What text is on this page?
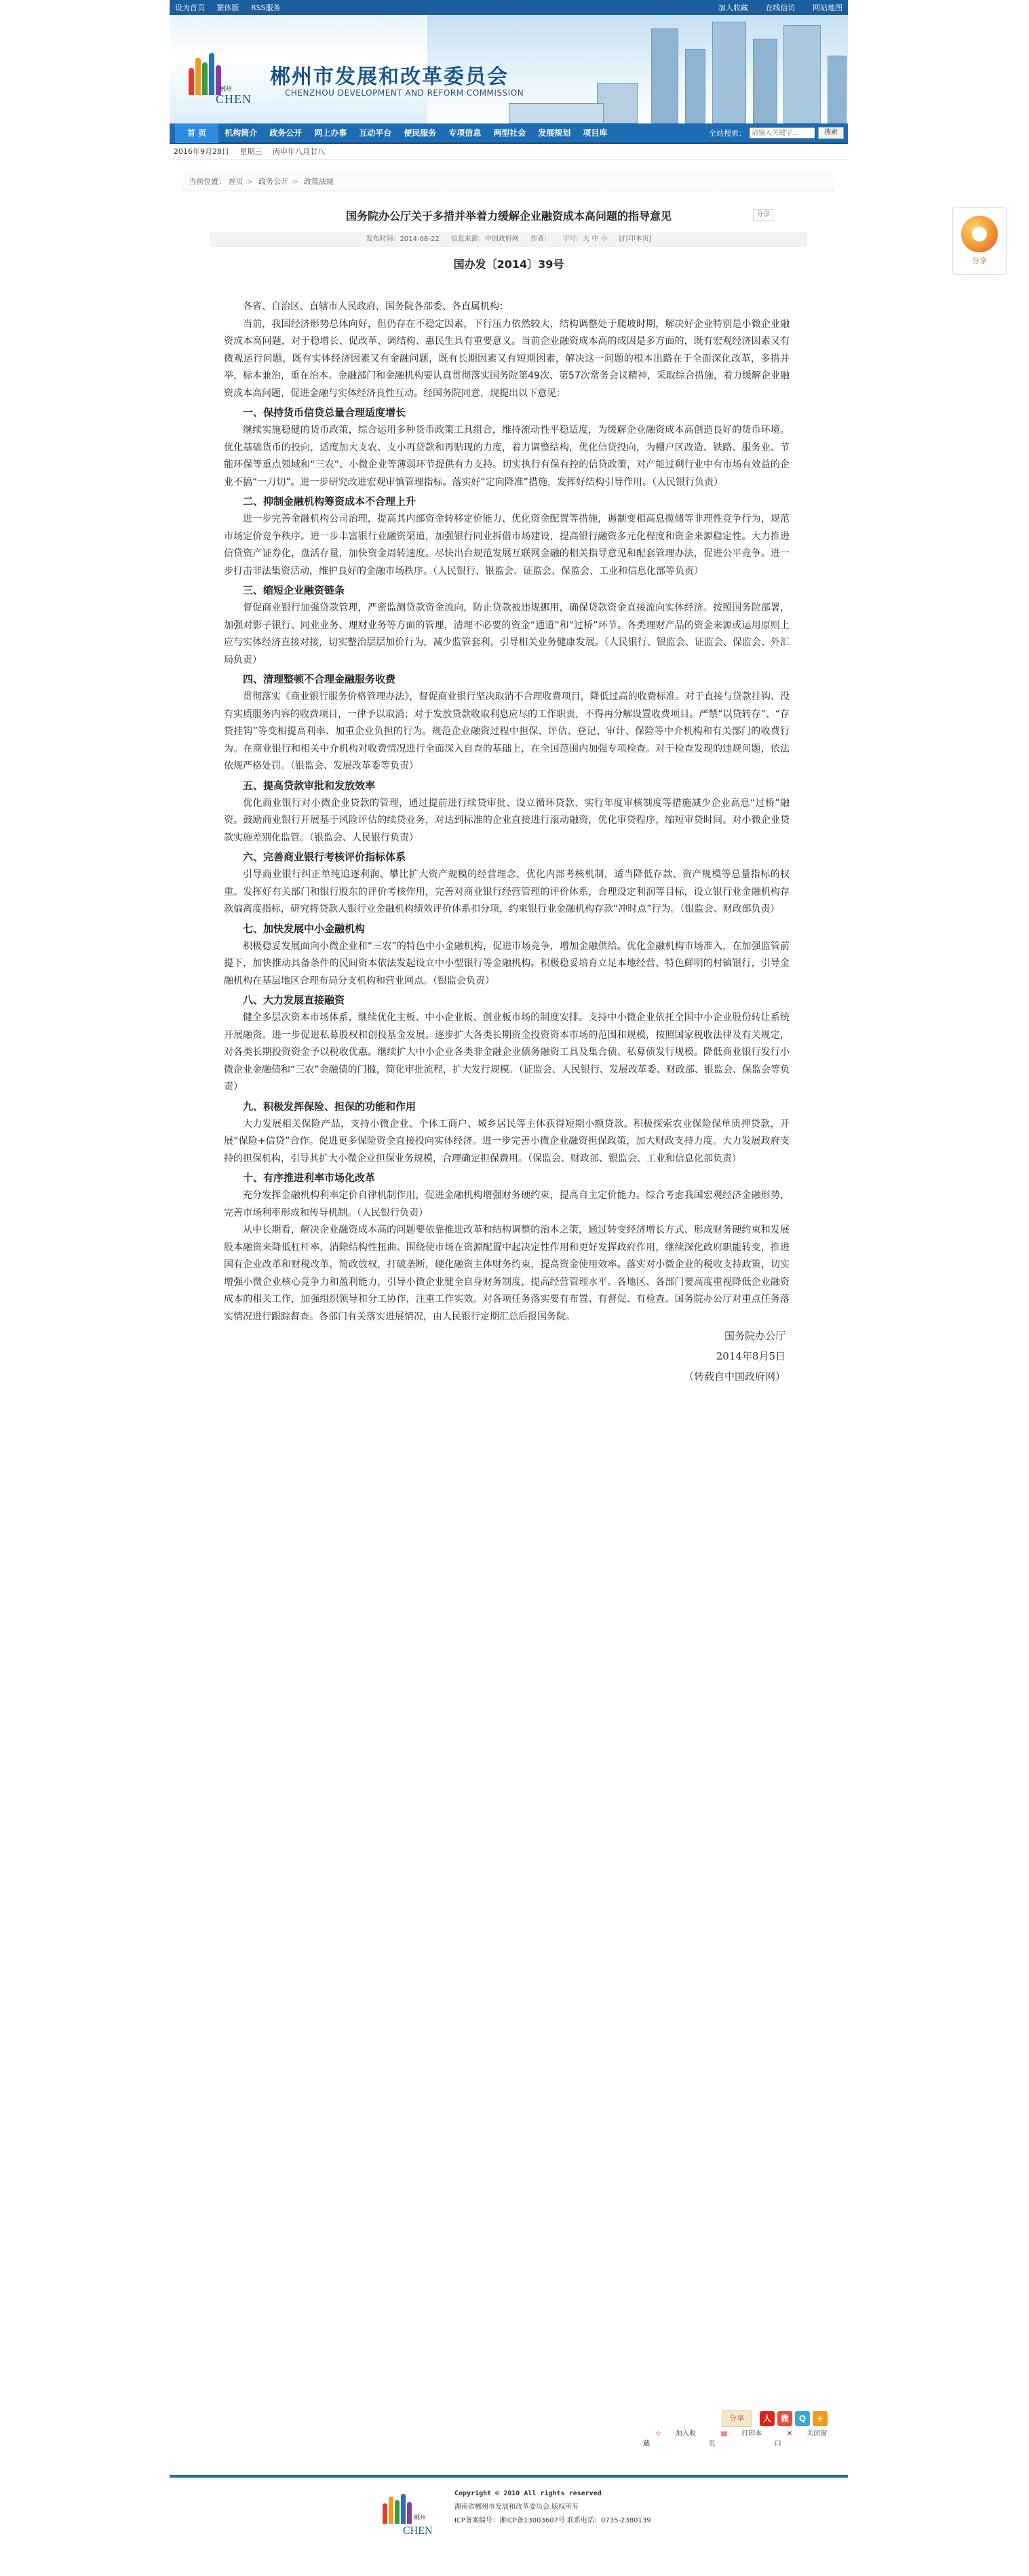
设为首页 繁体版 RSS服务	加入收藏 在线信访 网站地图
郴州
CHEN
郴州市发展和改革委员会
CHENZHOU DEVELOPMENT AND REFORM COMMISSION
首 页	机构简介	政务公开	网上办事	互动平台	便民服务	专项信息	两型社会	发展规划	项目库	全站搜索：
请输入关键字...	搜索
2016年9月28日 星期三 丙申年八月廿八
当前位置： 首页 > 政务公开 > 政策法规
国务院办公厅关于多措并举着力缓解企业融资成本高问题的指导意见	分享
发布时间：2014-08-22 信息来源：中国政府网 作者： 字号：大 中 小 [打印本页]
国办发〔2014〕39号

各省、自治区、直辖市人民政府，国务院各部委、各直属机构：

当前，我国经济形势总体向好，但仍存在不稳定因素，下行压力依然较大，结构调整处于爬坡时期，解决好企业特别是小微企业融资成本高问题，对于稳增长、促改革、调结构、惠民生具有重要意义。当前企业融资成本高的成因是多方面的，既有宏观经济因素又有微观运行问题，既有实体经济因素又有金融问题，既有长期因素又有短期因素，解决这一问题的根本出路在于全面深化改革，多措并举，标本兼治，重在治本。金融部门和金融机构要认真贯彻落实国务院第49次、第57次常务会议精神，采取综合措施，着力缓解企业融资成本高问题，促进金融与实体经济良性互动。经国务院同意，现提出以下意见：

一、保持货币信贷总量合理适度增长

继续实施稳健的货币政策，综合运用多种货币政策工具组合，维持流动性平稳适度，为缓解企业融资成本高创造良好的货币环境。优化基础货币的投向，适度加大支农、支小再贷款和再贴现的力度，着力调整结构，优化信贷投向，为棚户区改造、铁路、服务业、节能环保等重点领域和“三农”、小微企业等薄弱环节提供有力支持。切实执行有保有控的信贷政策，对产能过剩行业中有市场有效益的企业不搞“一刀切”。进一步研究改进宏观审慎管理指标。落实好“定向降准”措施，发挥好结构引导作用。（人民银行负责）

二、抑制金融机构筹资成本不合理上升

进一步完善金融机构公司治理，提高其内部资金转移定价能力、优化资金配置等措施，遏制变相高息揽储等非理性竞争行为，规范市场定价竞争秩序。进一步丰富银行业融资渠道，加强银行同业拆借市场建设，提高银行融资多元化程度和资金来源稳定性。大力推进信贷资产证券化，盘活存量，加快资金周转速度。尽快出台规范发展互联网金融的相关指导意见和配套管理办法，促进公平竞争。进一步打击非法集资活动，维护良好的金融市场秩序。（人民银行、银监会、证监会、保监会、工业和信息化部等负责）

三、缩短企业融资链条

督促商业银行加强贷款管理，严密监测贷款资金流向，防止贷款被违规挪用，确保贷款资金直接流向实体经济。按照国务院部署，加强对影子银行、同业业务、理财业务等方面的管理，清理不必要的资金“通道”和“过桥”环节。各类理财产品的资金来源或运用原则上应与实体经济直接对接，切实整治层层加价行为，减少监管套利，引导相关业务健康发展。（人民银行、银监会、证监会、保监会、外汇局负责）

四、清理整顿不合理金融服务收费

贯彻落实《商业银行服务价格管理办法》，督促商业银行坚决取消不合理收费项目，降低过高的收费标准。对于直接与贷款挂钩、没有实质服务内容的收费项目，一律予以取消；对于发放贷款收取利息应尽的工作职责，不得再分解设置收费项目。严禁“以贷转存”、“存贷挂钩”等变相提高利率、加重企业负担的行为。规范企业融资过程中担保、评估、登记、审计、保险等中介机构和有关部门的收费行为。在商业银行和相关中介机构对收费情况进行全面深入自查的基础上，在全国范围内加强专项检查。对于检查发现的违规问题，依法依规严格处罚。（银监会、发展改革委等负责）

五、提高贷款审批和发放效率

优化商业银行对小微企业贷款的管理，通过提前进行续贷审批、设立循环贷款、实行年度审核制度等措施减少企业高息“过桥”融资。鼓励商业银行开展基于风险评估的续贷业务，对达到标准的企业直接进行滚动融资，优化审贷程序，缩短审贷时间。对小微企业贷款实施差别化监管。（银监会、人民银行负责）

六、完善商业银行考核评价指标体系

引导商业银行纠正单纯追逐利润、攀比扩大资产规模的经营理念，优化内部考核机制，适当降低存款、资产规模等总量指标的权重。发挥好有关部门和银行股东的评价考核作用，完善对商业银行经营管理的评价体系，合理设定利润等目标，设立银行业金融机构存款偏离度指标，研究将贷款人银行业金融机构绩效评价体系扣分项，约束银行业金融机构存款“冲时点”行为。（银监会、财政部负责）

七、加快发展中小金融机构

积极稳妥发展面向小微企业和“三农”的特色中小金融机构，促进市场竞争，增加金融供给。优化金融机构市场准入，在加强监管前提下，加快推动具备条件的民间资本依法发起设立中小型银行等金融机构。积极稳妥培育立足本地经营、特色鲜明的村镇银行，引导金融机构在基层地区合理布局分支机构和营业网点。（银监会负责）

八、大力发展直接融资

健全多层次资本市场体系，继续优化主板、中小企业板、创业板市场的制度安排。支持中小微企业依托全国中小企业股份转让系统开展融资。进一步促进私募股权和创投基金发展。逐步扩大各类长期资金投资资本市场的范围和规模，按照国家税收法律及有关规定，对各类长期投资资金予以税收优惠。继续扩大中小企业各类非金融企业债务融资工具及集合债、私募债发行规模。降低商业银行发行小微企业金融债和“三农”金融债的门槛，简化审批流程，扩大发行规模。（证监会、人民银行、发展改革委、财政部、银监会、保监会等负责）

九、积极发挥保险、担保的功能和作用

大力发展相关保险产品，支持小微企业、个体工商户、城乡居民等主体获得短期小额贷款。积极探索农业保险保单质押贷款，开展“保险+信贷”合作。促进更多保险资金直接投向实体经济。进一步完善小微企业融资担保政策，加大财政支持力度。大力发展政府支持的担保机构，引导其扩大小微企业担保业务规模，合理确定担保费用。（保监会、财政部、银监会、工业和信息化部负责）

十、有序推进利率市场化改革

充分发挥金融机构利率定价自律机制作用，促进金融机构增强财务硬约束，提高自主定价能力。综合考虑我国宏观经济金融形势，完善市场利率形成和传导机制。（人民银行负责）

从中长期看，解决企业融资成本高的问题要依靠推进改革和结构调整的治本之策，通过转变经济增长方式、形成财务硬约束和发展股本融资来降低杠杆率，消除结构性扭曲。围绕使市场在资源配置中起决定性作用和更好发挥政府作用，继续深化政府职能转变，推进国有企业改革和财税改革，简政放权，打破垄断，硬化融资主体财务约束，提高资金使用效率。落实对小微企业的税收支持政策，切实增强小微企业核心竞争力和盈利能力，引导小微企业健全自身财务制度，提高经营管理水平。各地区、各部门要高度重视降低企业融资成本的相关工作，加强组织领导和分工协作，注重工作实效。对各项任务落实要有布置、有督促、有检查。国务院办公厅对重点任务落实情况进行跟踪督查。各部门有关落实进展情况，由人民银行定期汇总后报国务院。

国务院办公厅
2014年8月5日
（转载自中国政府网）
分享	人	微	Q	+
☆ 加入收藏
▤ 打印本页
✕ 关闭窗口
郴州
CHEN
Copyright © 2010 All rights reserved
湖南省郴州市发展和改革委员会 版权所有
ICP备案编号：湘ICP备13003607号 联系电话：0735-2380139
分享
